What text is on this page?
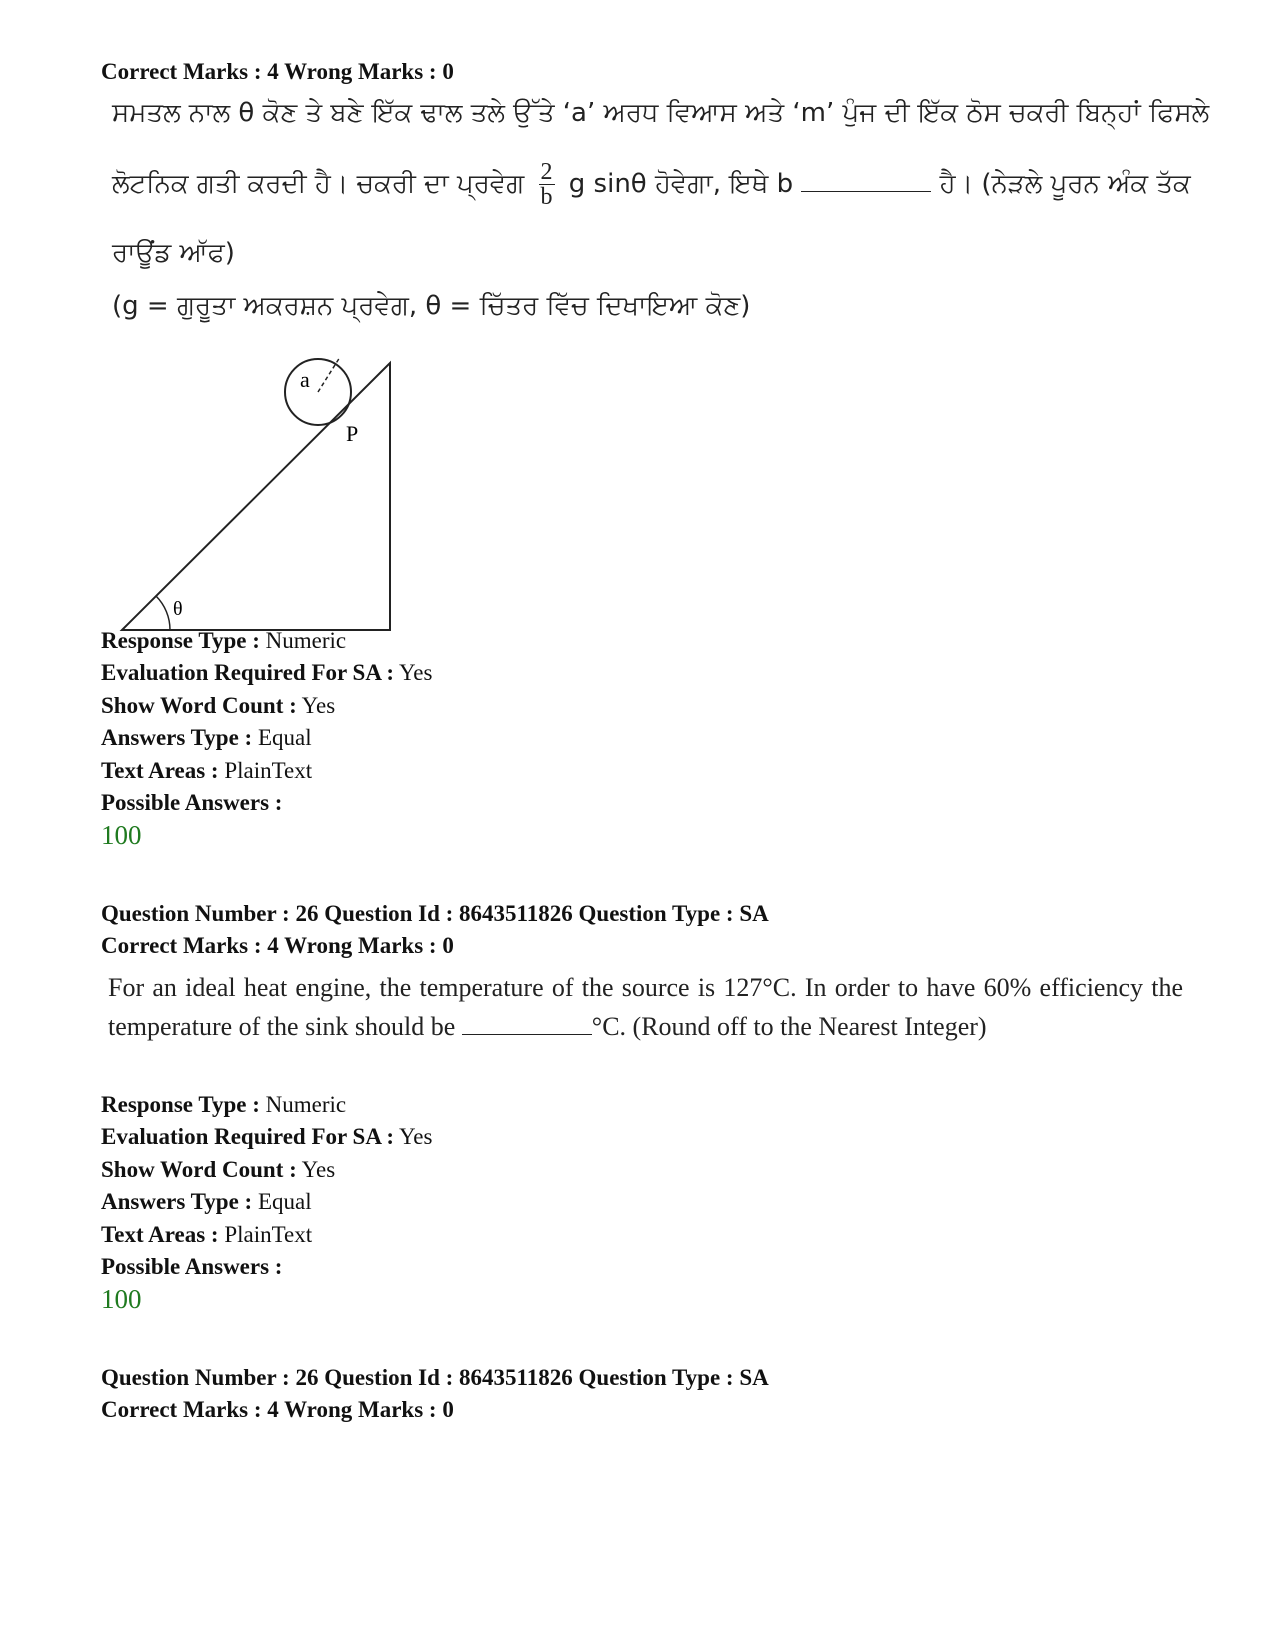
Correct Marks : 4 Wrong Marks : 0
ਸਮਤਲ ਨਾਲ θ ਕੋਣ ਤੇ ਬਣੇ ਇੱਕ ਢਾਲ ਤਲੇ ਉੱਤੇ ‘a’ ਅਰਧ ਵਿਆਸ ਅਤੇ ‘m’ ਪੁੰਜ ਦੀ ਇੱਕ ਠੋਸ ਚਕਰੀ ਬਿਨ੍ਹਾਂ ਫਿਸਲੇ
ਲੋਟਨਿਕ ਗਤੀ ਕਰਦੀ ਹੈ। ਚਕਰੀ ਦਾ ਪ੍ਰਵੇਗ $\frac{2}{b}$ g sinθ ਹੋਵੇਗਾ, ਇਥੇ b	ਹੈ। (ਨੇੜਲੇ ਪੂਰਨ ਅੰਕ ਤੱਕ
ਰਾਊਂਡ ਆੱਫ)
(g = ਗੁਰੂਤਾ ਅਕਰਸ਼ਨ ਪ੍ਰਵੇਗ, θ = ਚਿੱਤਰ ਵਿੱਚ ਦਿਖਾਇਆ ਕੋਣ)
a
P
θ
Response Type : Numeric
Evaluation Required For SA : Yes
Show Word Count : Yes
Answers Type : Equal
Text Areas : PlainText
Possible Answers :
100
Question Number : 26 Question Id : 8643511826 Question Type : SA
Correct Marks : 4 Wrong Marks : 0
For an ideal heat engine, the temperature of the source is 127°C. In order to have 60% efficiency the temperature of the sink should be	°C. (Round off to the Nearest Integer)
Response Type : Numeric
Evaluation Required For SA : Yes
Show Word Count : Yes
Answers Type : Equal
Text Areas : PlainText
Possible Answers :
100
Question Number : 26 Question Id : 8643511826 Question Type : SA
Correct Marks : 4 Wrong Marks : 0
